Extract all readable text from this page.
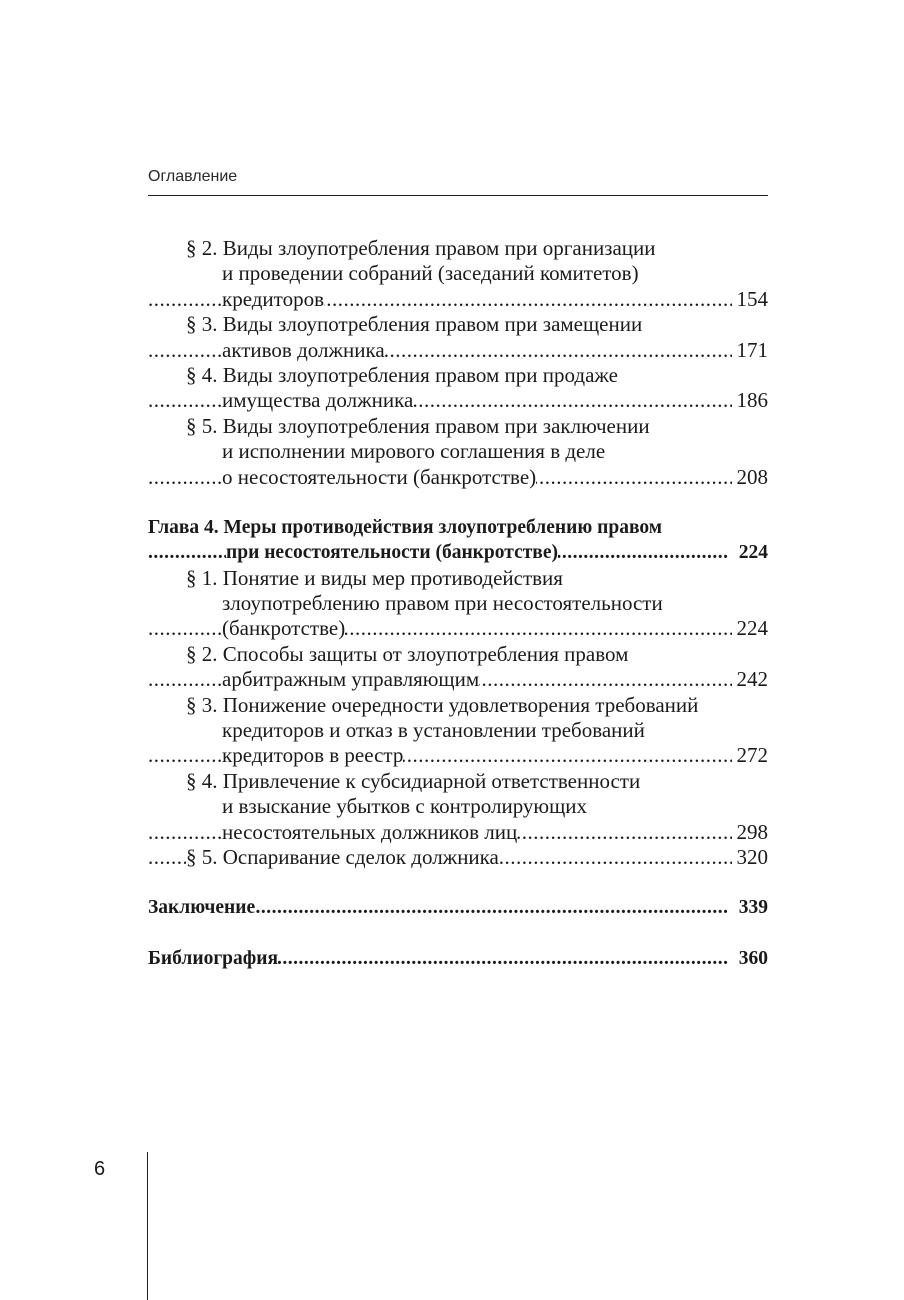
Оглавление
§ 2. Виды злоупотребления правом при организации
и проведении собраний (заседаний комитетов)
кредиторов	154
.....
§ 3. Виды злоупотребления правом при замещении
активов должника	171
.....
§ 4. Виды злоупотребления правом при продаже
имущества должника	186
.....
§ 5. Виды злоупотребления правом при заключении
и исполнении мирового соглашения в деле
о несостоятельности (банкротстве)	208
.....
Глава 4. Меры противодействия злоупотреблению правом
при несостоятельности (банкротстве)	224
.....
§ 1. Понятие и виды мер противодействия
злоупотреблению правом при несостоятельности
(банкротстве)	224
.....
§ 2. Способы защиты от злоупотребления правом
арбитражным управляющим	242
.....
§ 3. Понижение очередности удовлетворения требований
кредиторов и отказ в установлении требований
кредиторов в реестр	272
.....
§ 4. Привлечение к субсидиарной ответственности
и взыскание убытков с контролирующих
несостоятельных должников лиц	298
.....
§ 5. Оспаривание сделок должника	320
.....
Заключение	339
.....
Библиография	360
.....
6
